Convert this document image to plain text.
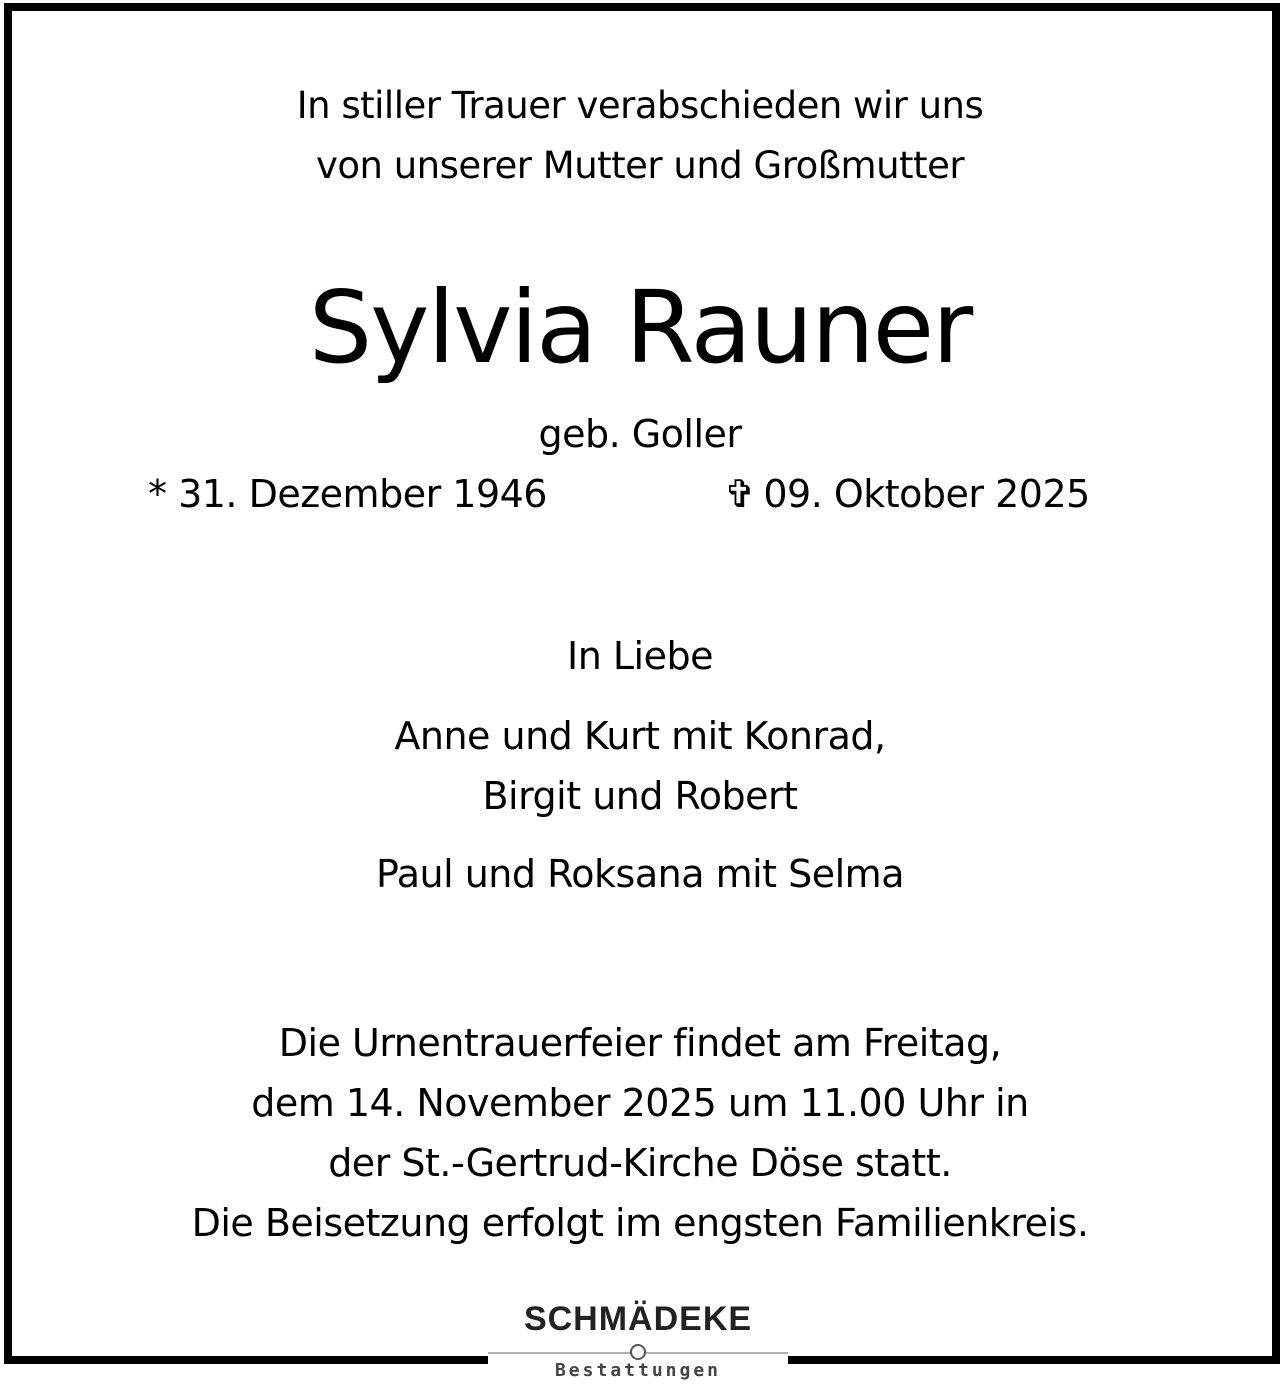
In stiller Trauer verabschieden wir uns
von unserer Mutter und Großmutter
Sylvia Rauner
geb. Goller
* 31. Dezember 1946	✞ 09. Oktober 2025
In Liebe
Anne und Kurt mit Konrad,
Birgit und Robert
Paul und Roksana mit Selma
Die Urnentrauerfeier findet am Freitag,
dem 14. November 2025 um 11.00 Uhr in
der St.-Gertrud-Kirche Döse statt.
Die Beisetzung erfolgt im engsten Familienkreis.
SCHMÄDEKE
Bestattungen
